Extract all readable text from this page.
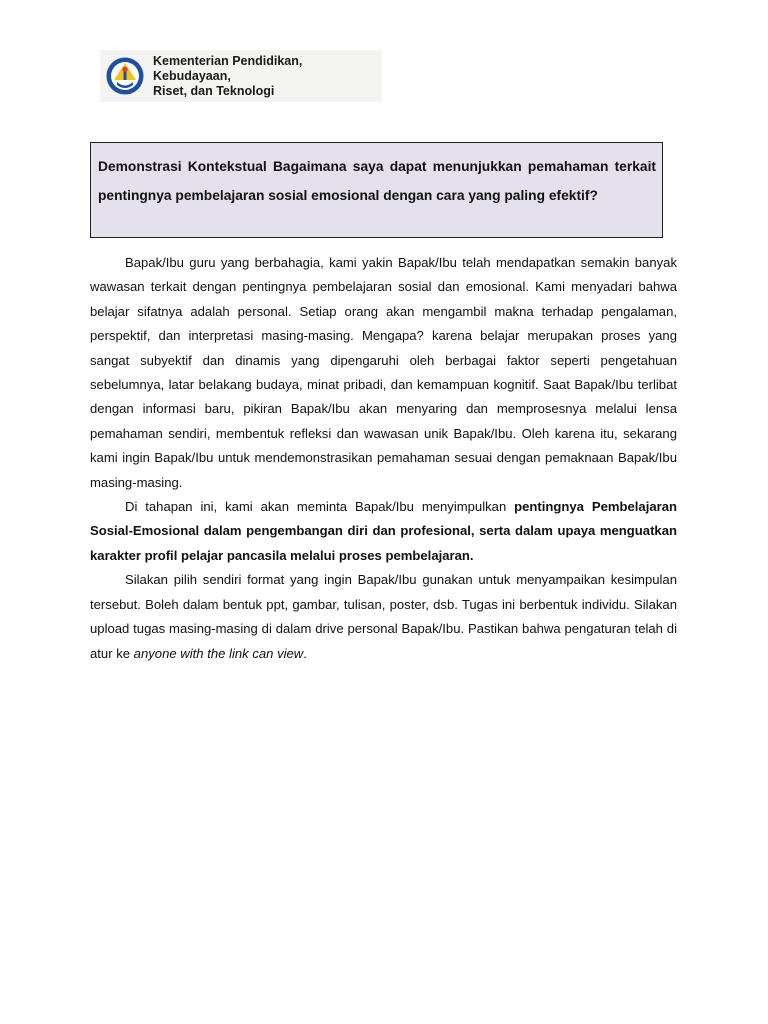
Kementerian Pendidikan, Kebudayaan,
Riset, dan Teknologi
Demonstrasi Kontekstual Bagaimana saya dapat menunjukkan pemahaman terkait pentingnya pembelajaran sosial emosional dengan cara yang paling efektif?

Bapak/Ibu guru yang berbahagia, kami yakin Bapak/Ibu telah mendapatkan semakin banyak wawasan terkait dengan pentingnya pembelajaran sosial dan emosional. Kami menyadari bahwa belajar sifatnya adalah personal. Setiap orang akan mengambil makna terhadap pengalaman, perspektif, dan interpretasi masing-masing. Mengapa? karena belajar merupakan proses yang sangat subyektif dan dinamis yang dipengaruhi oleh berbagai faktor seperti pengetahuan sebelumnya, latar belakang budaya, minat pribadi, dan kemampuan kognitif. Saat Bapak/Ibu terlibat dengan informasi baru, pikiran Bapak/Ibu akan menyaring dan memprosesnya melalui lensa pemahaman sendiri, membentuk refleksi dan wawasan unik Bapak/Ibu. Oleh karena itu, sekarang kami ingin Bapak/Ibu untuk mendemonstrasikan pemahaman sesuai dengan pemaknaan Bapak/Ibu masing-masing.

Di tahapan ini, kami akan meminta Bapak/Ibu menyimpulkan pentingnya Pembelajaran Sosial-Emosional dalam pengembangan diri dan profesional, serta dalam upaya menguatkan karakter profil pelajar pancasila melalui proses pembelajaran.

Silakan pilih sendiri format yang ingin Bapak/Ibu gunakan untuk menyampaikan kesimpulan tersebut. Boleh dalam bentuk ppt, gambar, tulisan, poster, dsb. Tugas ini berbentuk individu. Silakan upload tugas masing-masing di dalam drive personal Bapak/Ibu. Pastikan bahwa pengaturan telah di atur ke anyone with the link can view.
